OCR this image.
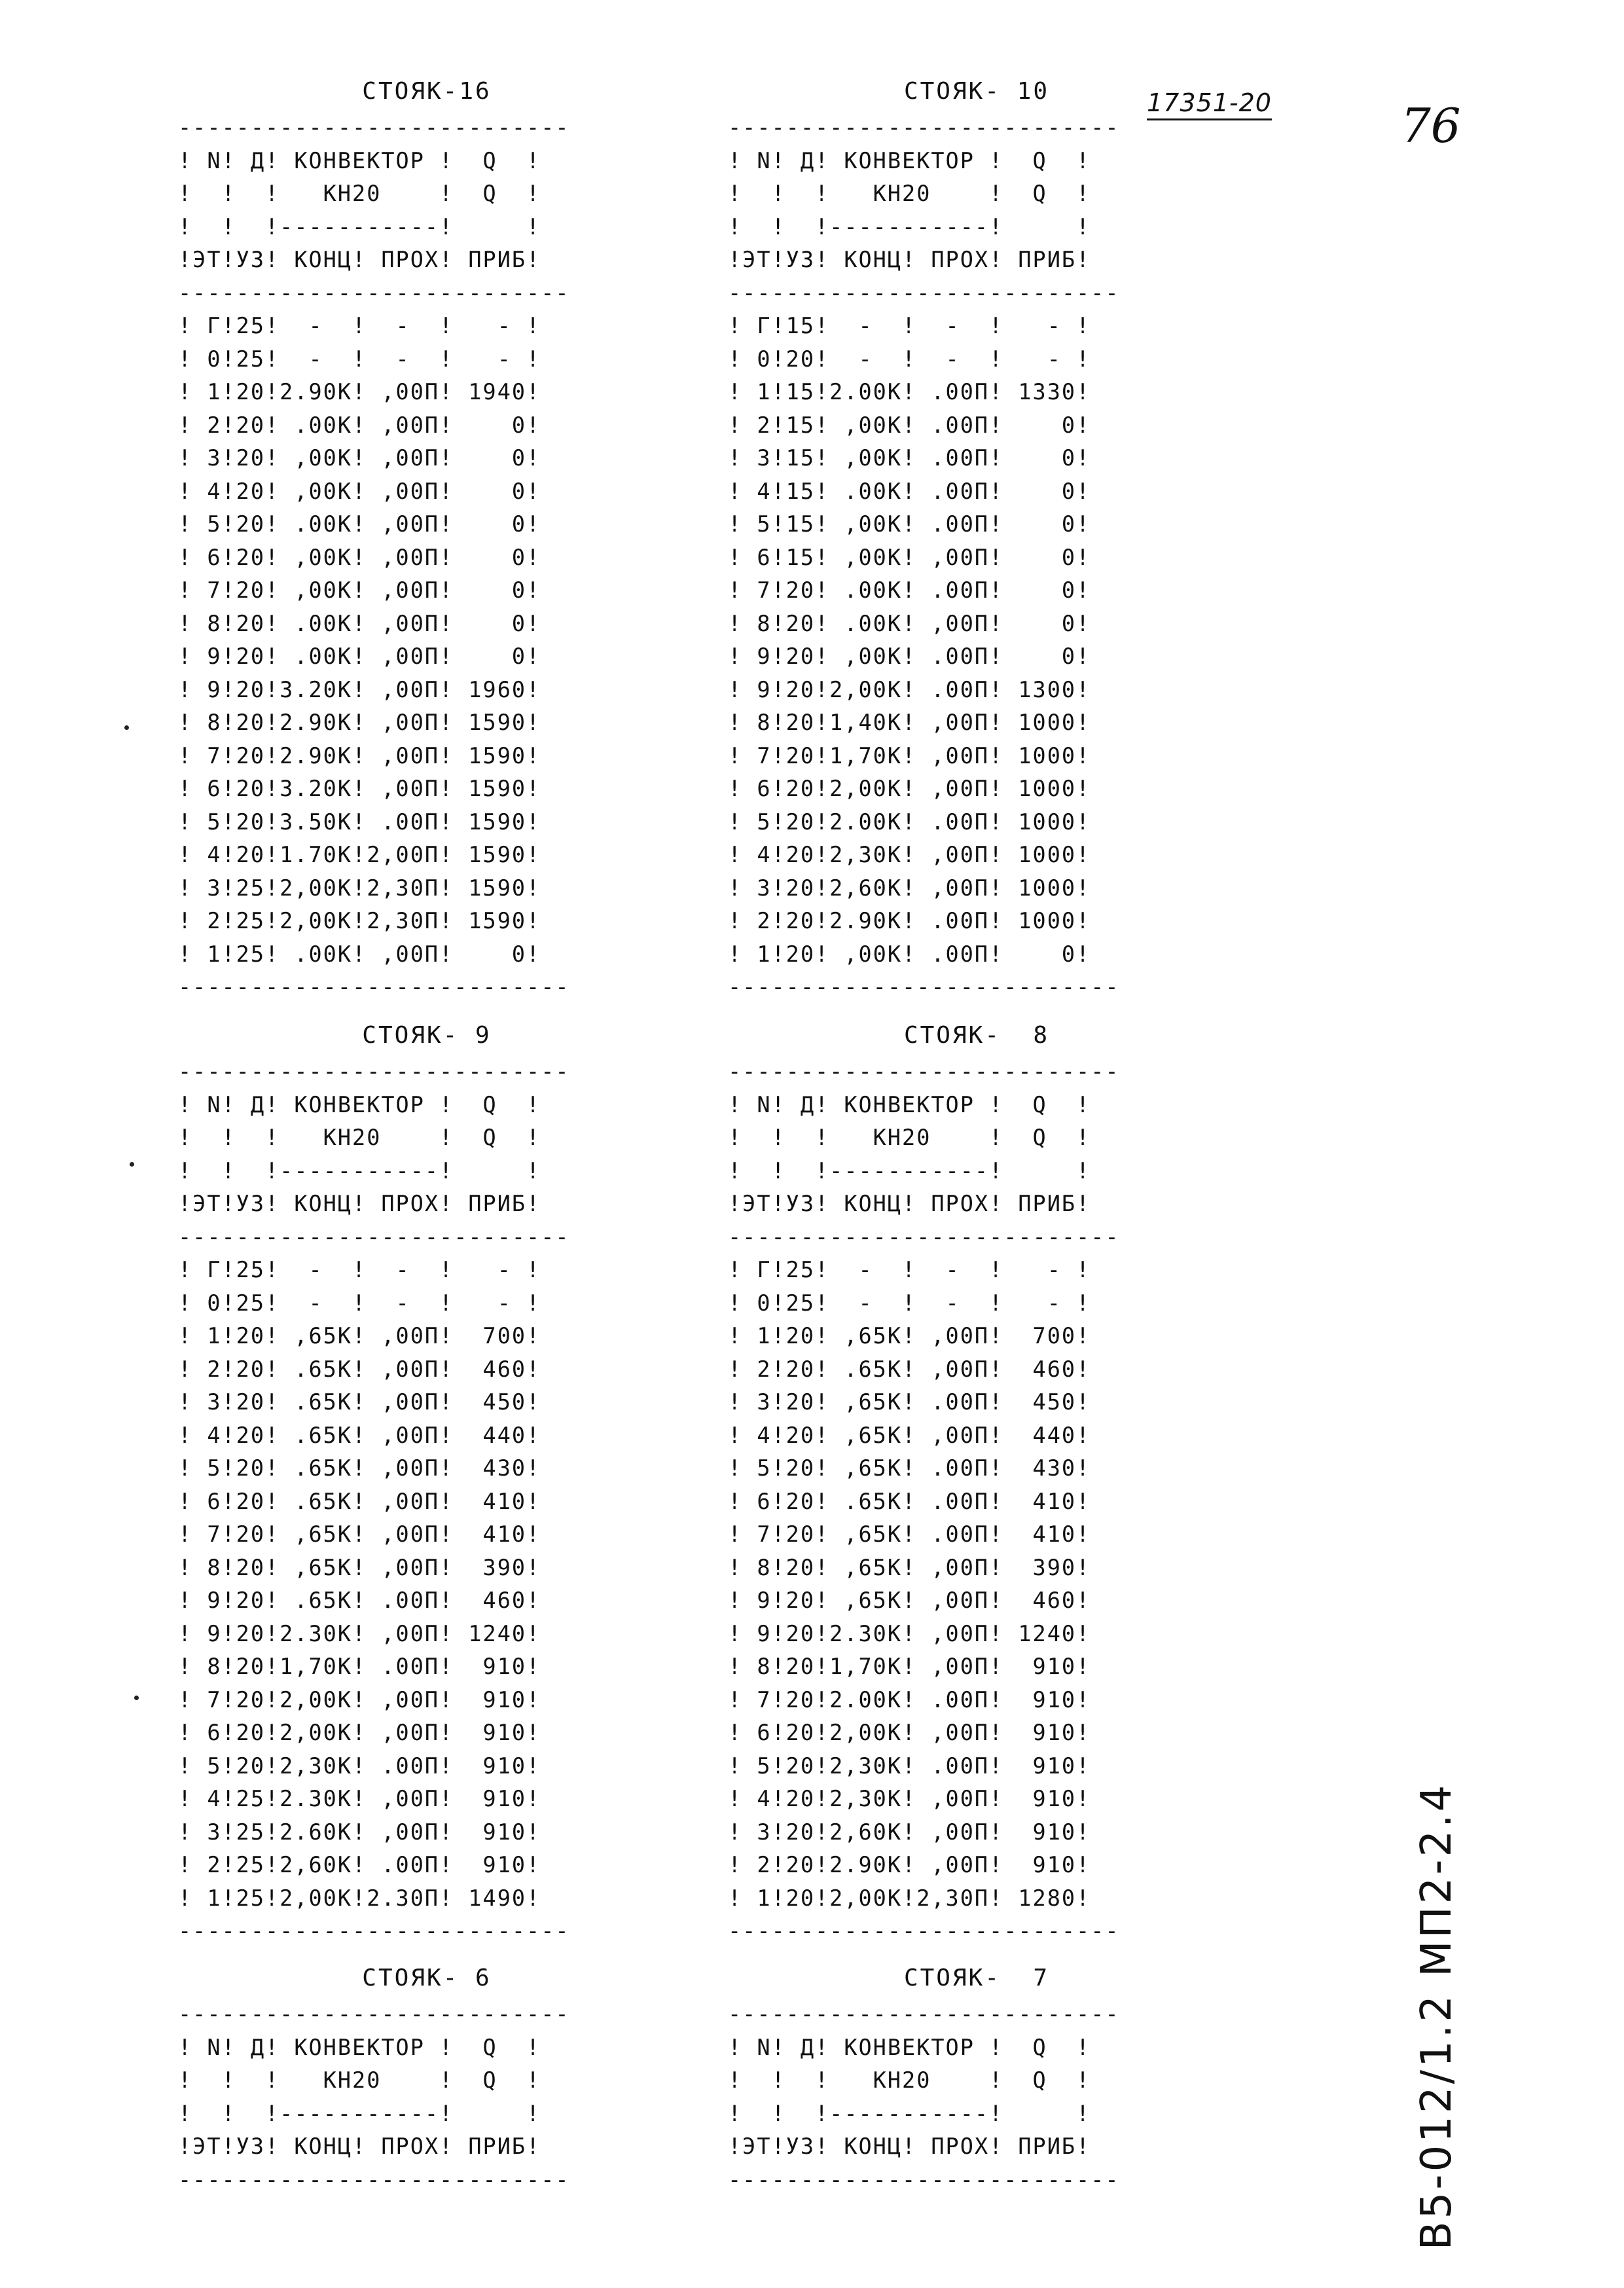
17351-20	76
B5-012/1.2 МП2-2.4
СТОЯК-16
---------------------------
! N! Д! КОНВЕКТОР !  Q  !
!  !  !   КН20    !  Q  !
!  !  !-----------!     !
!ЭТ!УЗ! КОНЦ! ПРОХ! ПРИБ!
---------------------------
! Г!25!  -  !  -  !   - !
! 0!25!  -  !  -  !   - !
! 1!20!2.90К! ,00П! 1940!
! 2!20! .00К! ,00П!    0!
! 3!20! ,00К! ,00П!    0!
! 4!20! ,00К! ,00П!    0!
! 5!20! .00К! ,00П!    0!
! 6!20! ,00К! ,00П!    0!
! 7!20! ,00К! ,00П!    0!
! 8!20! .00К! ,00П!    0!
! 9!20! .00К! ,00П!    0!
! 9!20!3.20К! ,00П! 1960!
! 8!20!2.90К! ,00П! 1590!
! 7!20!2.90К! ,00П! 1590!
! 6!20!3.20К! ,00П! 1590!
! 5!20!3.50К! .00П! 1590!
! 4!20!1.70К!2,00П! 1590!
! 3!25!2,00К!2,30П! 1590!
! 2!25!2,00К!2,30П! 1590!
! 1!25! .00К! ,00П!    0!
---------------------------
СТОЯК- 10
---------------------------
! N! Д! КОНВЕКТОР !  Q  !
!  !  !   КН20    !  Q  !
!  !  !-----------!     !
!ЭТ!УЗ! КОНЦ! ПРОХ! ПРИБ!
---------------------------
! Г!15!  -  !  -  !   - !
! 0!20!  -  !  -  !   - !
! 1!15!2.00К! .00П! 1330!
! 2!15! ,00К! .00П!    0!
! 3!15! ,00К! .00П!    0!
! 4!15! .00К! .00П!    0!
! 5!15! ,00К! .00П!    0!
! 6!15! ,00К! ,00П!    0!
! 7!20! .00К! .00П!    0!
! 8!20! .00К! ,00П!    0!
! 9!20! ,00К! .00П!    0!
! 9!20!2,00К! .00П! 1300!
! 8!20!1,40К! ,00П! 1000!
! 7!20!1,70К! ,00П! 1000!
! 6!20!2,00К! ,00П! 1000!
! 5!20!2.00К! .00П! 1000!
! 4!20!2,30К! ,00П! 1000!
! 3!20!2,60К! ,00П! 1000!
! 2!20!2.90К! .00П! 1000!
! 1!20! ,00К! .00П!    0!
---------------------------
СТОЯК- 9
---------------------------
! N! Д! КОНВЕКТОР !  Q  !
!  !  !   КН20    !  Q  !
!  !  !-----------!     !
!ЭТ!УЗ! КОНЦ! ПРОХ! ПРИБ!
---------------------------
! Г!25!  -  !  -  !   - !
! 0!25!  -  !  -  !   - !
! 1!20! ,65К! ,00П!  700!
! 2!20! .65К! ,00П!  460!
! 3!20! .65К! ,00П!  450!
! 4!20! .65К! ,00П!  440!
! 5!20! .65К! ,00П!  430!
! 6!20! .65К! ,00П!  410!
! 7!20! ,65К! ,00П!  410!
! 8!20! ,65К! ,00П!  390!
! 9!20! .65К! .00П!  460!
! 9!20!2.30К! ,00П! 1240!
! 8!20!1,70К! .00П!  910!
! 7!20!2,00К! ,00П!  910!
! 6!20!2,00К! ,00П!  910!
! 5!20!2,30К! .00П!  910!
! 4!25!2.30К! ,00П!  910!
! 3!25!2.60К! ,00П!  910!
! 2!25!2,60К! .00П!  910!
! 1!25!2,00К!2.30П! 1490!
---------------------------
СТОЯК-  8
---------------------------
! N! Д! КОНВЕКТОР !  Q  !
!  !  !   КН20    !  Q  !
!  !  !-----------!     !
!ЭТ!УЗ! КОНЦ! ПРОХ! ПРИБ!
---------------------------
! Г!25!  -  !  -  !   - !
! 0!25!  -  !  -  !   - !
! 1!20! ,65К! ,00П!  700!
! 2!20! .65К! ,00П!  460!
! 3!20! ,65К! .00П!  450!
! 4!20! ,65К! ,00П!  440!
! 5!20! ,65К! .00П!  430!
! 6!20! .65К! .00П!  410!
! 7!20! ,65К! .00П!  410!
! 8!20! ,65К! ,00П!  390!
! 9!20! ,65К! ,00П!  460!
! 9!20!2.30К! ,00П! 1240!
! 8!20!1,70К! ,00П!  910!
! 7!20!2.00К! .00П!  910!
! 6!20!2,00К! ,00П!  910!
! 5!20!2,30К! .00П!  910!
! 4!20!2,30К! ,00П!  910!
! 3!20!2,60К! ,00П!  910!
! 2!20!2.90К! ,00П!  910!
! 1!20!2,00К!2,30П! 1280!
---------------------------
СТОЯК- 6
---------------------------
! N! Д! КОНВЕКТОР !  Q  !
!  !  !   КН20    !  Q  !
!  !  !-----------!     !
!ЭТ!УЗ! КОНЦ! ПРОХ! ПРИБ!
---------------------------
СТОЯК-  7
---------------------------
! N! Д! КОНВЕКТОР !  Q  !
!  !  !   КН20    !  Q  !
!  !  !-----------!     !
!ЭТ!УЗ! КОНЦ! ПРОХ! ПРИБ!
---------------------------
